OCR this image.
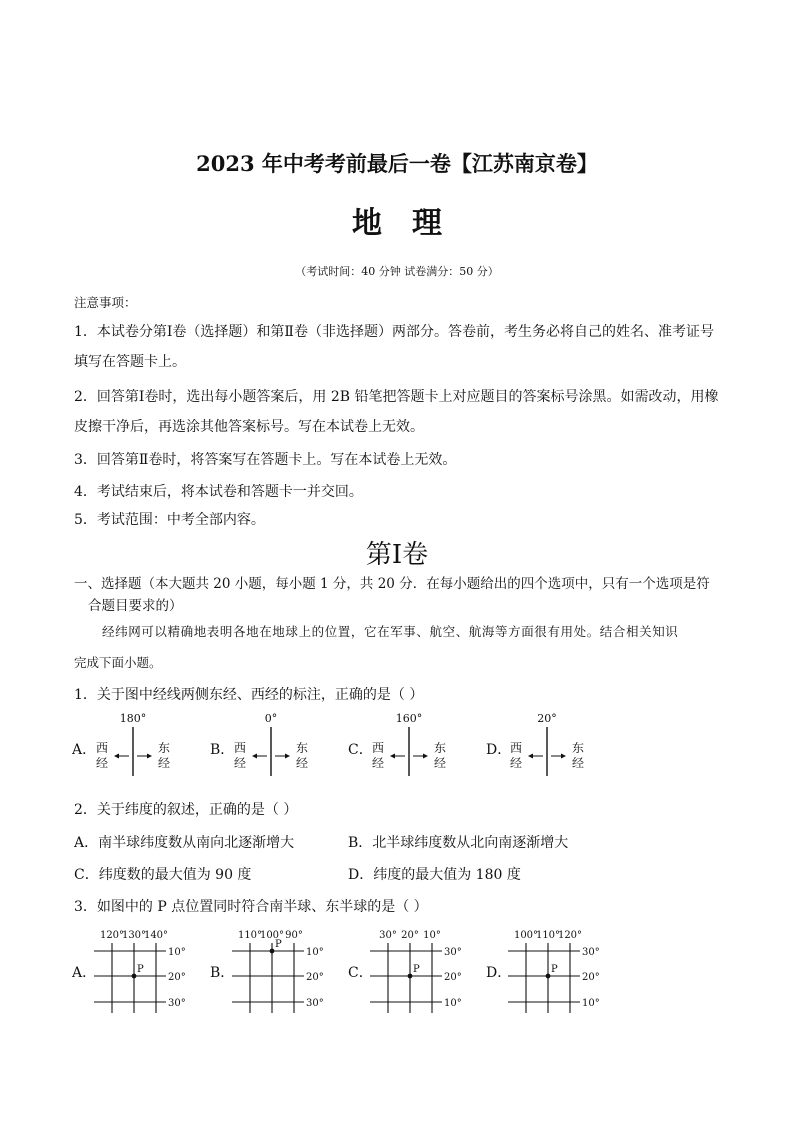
2023 年中考考前最后一卷【江苏南京卷】
地理
（考试时间：40 分钟 试卷满分：50 分）
注意事项：
1．本试卷分第Ⅰ卷（选择题）和第Ⅱ卷（非选择题）两部分。答卷前，考生务必将自己的姓名、准考证号
填写在答题卡上。
2．回答第Ⅰ卷时，选出每小题答案后，用 2B 铅笔把答题卡上对应题目的答案标号涂黑。如需改动，用橡
皮擦干净后，再选涂其他答案标号。写在本试卷上无效。
3．回答第Ⅱ卷时，将答案写在答题卡上。写在本试卷上无效。
4．考试结束后，将本试卷和答题卡一并交回。
5．考试范围：中考全部内容。
第Ⅰ卷
一、选择题（本大题共 20 小题，每小题 1 分，共 20 分．在每小题给出的四个选项中，只有一个选项是符
合题目要求的）
经纬网可以精确地表明各地在地球上的位置，它在军事、航空、航海等方面很有用处。结合相关知识
完成下面小题。
1．关于图中经线两侧东经、西经的标注，正确的是（ ）
A．
180°
西
经
东
经
B．
0°
西
经
东
经
C．
160°
西
经
东
经
D．
20°
西
经
东
经
2．关于纬度的叙述，正确的是（ ）
A．南半球纬度数从南向北逐渐增大	B．北半球纬度数从北向南逐渐增大
C．纬度数的最大值为 90 度	D．纬度的最大值为 180 度
3．如图中的 P 点位置同时符合南半球、东半球的是（ ）
A．
120°
130°
140°
10°
20°
30°
P	B．
110°
100° 90°
10°
20°
30°
P
C．
30° 20° 10°
30°
20°
10°
P	D．
100°
110°
120°
30°
20°
10°
P
